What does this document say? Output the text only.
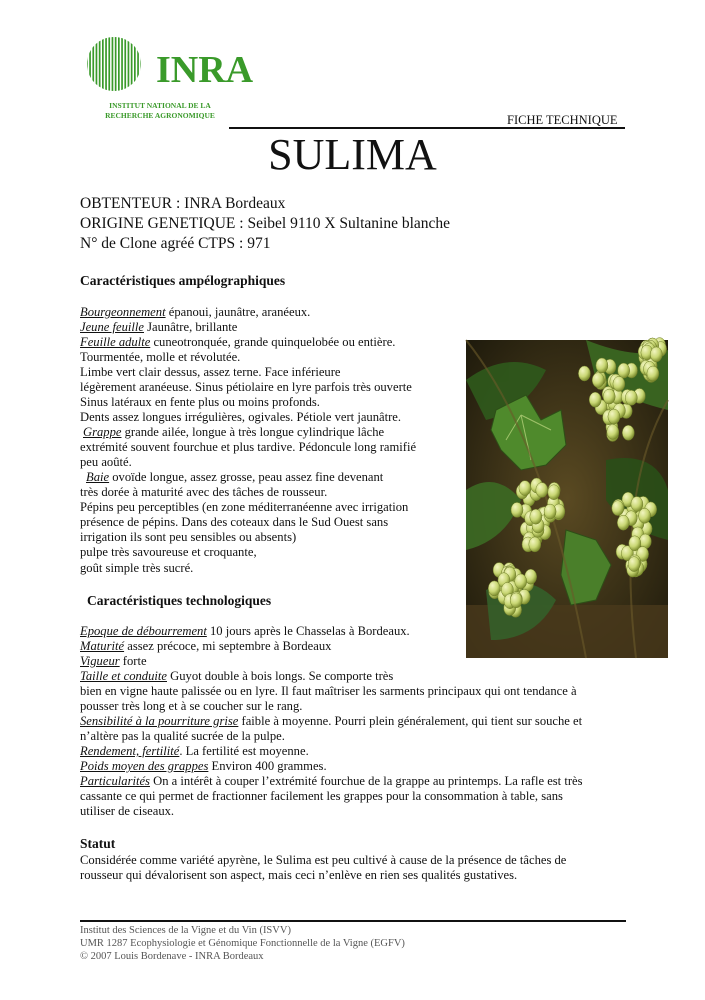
INRA
INSTITUT NATIONAL DE LA
RECHERCHE AGRONOMIQUE	FICHE TECHNIQUE
SULIMA
OBTENTEUR : INRA Bordeaux
ORIGINE GENETIQUE : Seibel 9110 X Sultanine blanche
N° de Clone agréé CTPS : 971
Caractéristiques ampélographiques
Bourgeonnement épanoui, jaunâtre, aranéeux.
Jeune feuille Jaunâtre, brillante
Feuille adulte cuneotronquée, grande quinquelobée ou entière.
Tourmentée, molle et révolutée.
Limbe vert clair dessus, assez terne. Face inférieure
légèrement aranéeuse. Sinus pétiolaire en lyre parfois très ouverte
Sinus latéraux en fente plus ou moins profonds.
Dents assez longues irrégulières, ogivales. Pétiole vert jaunâtre.
Grappe grande ailée, longue à très longue cylindrique lâche
extrémité souvent fourchue et plus tardive. Pédoncule long ramifié
peu aoûté.
Baie ovoïde longue, assez grosse, peau assez fine devenant
très dorée à maturité avec des tâches de rousseur.
Pépins peu perceptibles (en zone méditerranéenne avec irrigation
présence de pépins. Dans des coteaux dans le Sud Ouest sans
irrigation ils sont peu sensibles ou absents)
pulpe très savoureuse et croquante,
goût simple très sucré.
Caractéristiques technologiques
Epoque de débourrement 10 jours après le Chasselas à Bordeaux.
Maturité assez précoce, mi septembre à Bordeaux
Vigueur forte
Taille et conduite Guyot double à bois longs. Se comporte très
bien en vigne haute palissée ou en lyre. Il faut maîtriser les sarments principaux qui ont tendance à
pousser très long et à se coucher sur le rang.
Sensibilité à la pourriture grise faible à moyenne. Pourri plein généralement, qui tient sur souche et
n’altère pas la qualité sucrée de la pulpe.
Rendement, fertilité. La fertilité est moyenne.
Poids moyen des grappes Environ 400 grammes.
Particularités On a intérêt à couper l’extrémité fourchue de la grappe au printemps. La rafle est très
cassante ce qui permet de fractionner facilement les grappes pour la consommation à table, sans
utiliser de ciseaux.
Statut
Considérée comme variété apyrène, le Sulima est peu cultivé à cause de la présence de tâches de
rousseur qui dévalorisent son aspect, mais ceci n’enlève en rien ses qualités gustatives.
Institut des Sciences de la Vigne et du Vin (ISVV)
UMR 1287 Ecophysiologie et Génomique Fonctionnelle de la Vigne (EGFV)
© 2007 Louis Bordenave - INRA Bordeaux
